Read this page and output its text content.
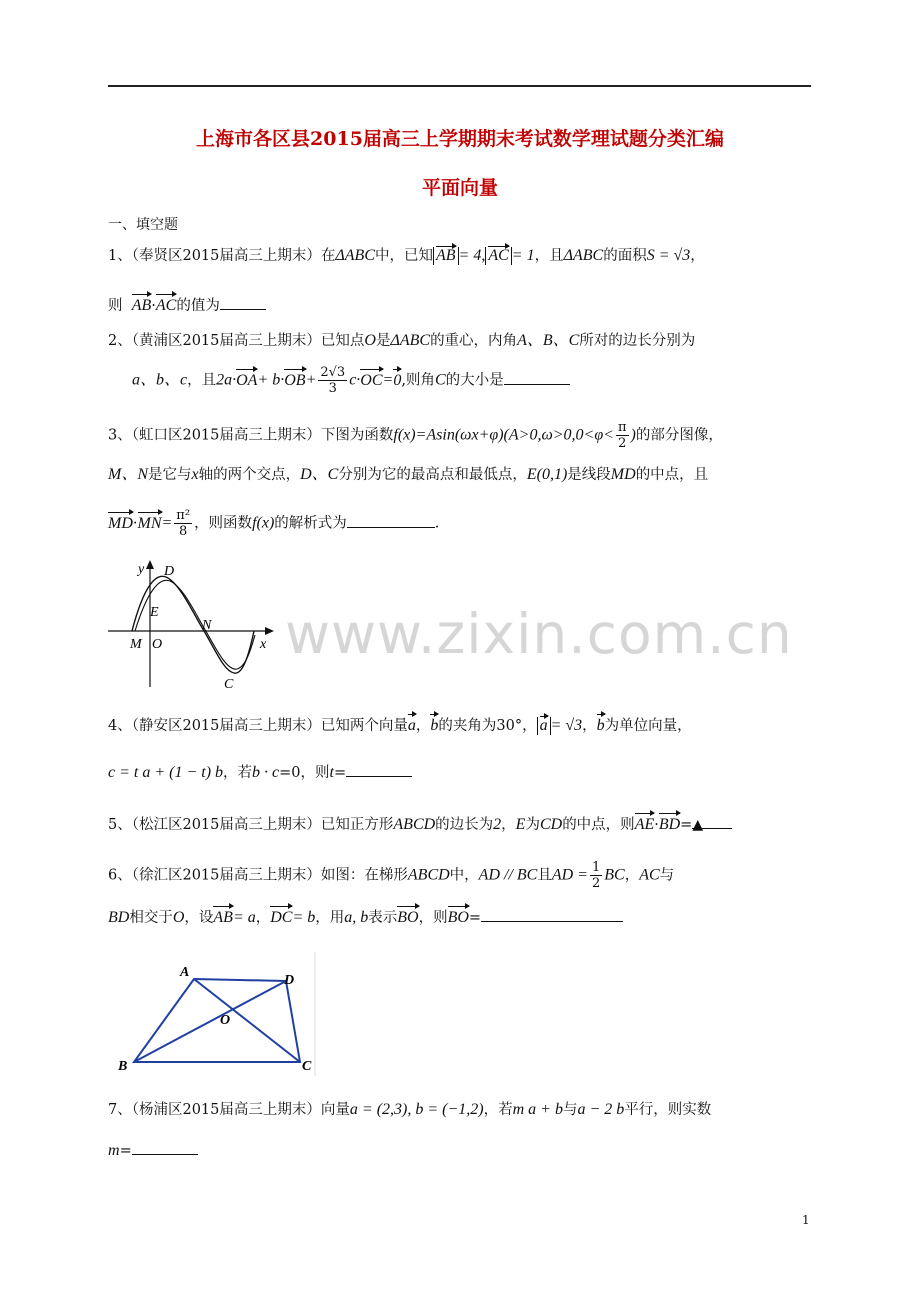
上海市各区县2015届高三上学期期末考试数学理试题分类汇编
平面向量
一、填空题
1、（奉贤区2015届高三上期末）在ΔABC中，已知 AB = 4, AC = 1，且ΔABC的面积S = √3，
则 AB·AC的值为
2、（黄浦区2015届高三上期末）已知点O是ΔABC的重心，内角A、B、C所对的边长分别为
a、b、c，且$2a\cdot OA+ b\cdot OB+ \frac{2√3}{3} c\cdot OC=0$,则角C的大小是
3、（虹口区2015届高三上期末）下图为函数$f(x)=Asin(\omega x+\varphi)(A>0,\omega>0,0<\varphi< \frac{\pi}{2}$ )的部分图像，
M、N是它与x轴的两个交点，D、C分别为它的最高点和最低点，E(0,1)是线段MD的中点，且
$MD\cdot MN= \frac{\text{π²}}{8}$ ，则函数f(x)的解析式为	.
y D
E
N
M O	x
C
4、（静安区2015届高三上期末）已知两个向量a，b的夹角为30°， a = √3，b为单位向量，
c = t a + (1 − t) b，若b · c=0，则t=
5、（松江区2015届高三上期末）已知正方形ABCD的边长为2，E为CD的中点，则AE·BD=▲
6、（徐汇区2015届高三上期末）如图：在梯形ABCD中，AD // BC且AD = $\frac{1}{2}$ BC，AC与
BD相交于O，设AB= a，DC= b，用a, b表示BO，则BO=
A
D
O
B	C
7、（杨浦区2015届高三上期末）向量a = (2,3), b = (−1,2)，若m a + b与a − 2 b平行，则实数
m=
www.zixin.com.cn
1
